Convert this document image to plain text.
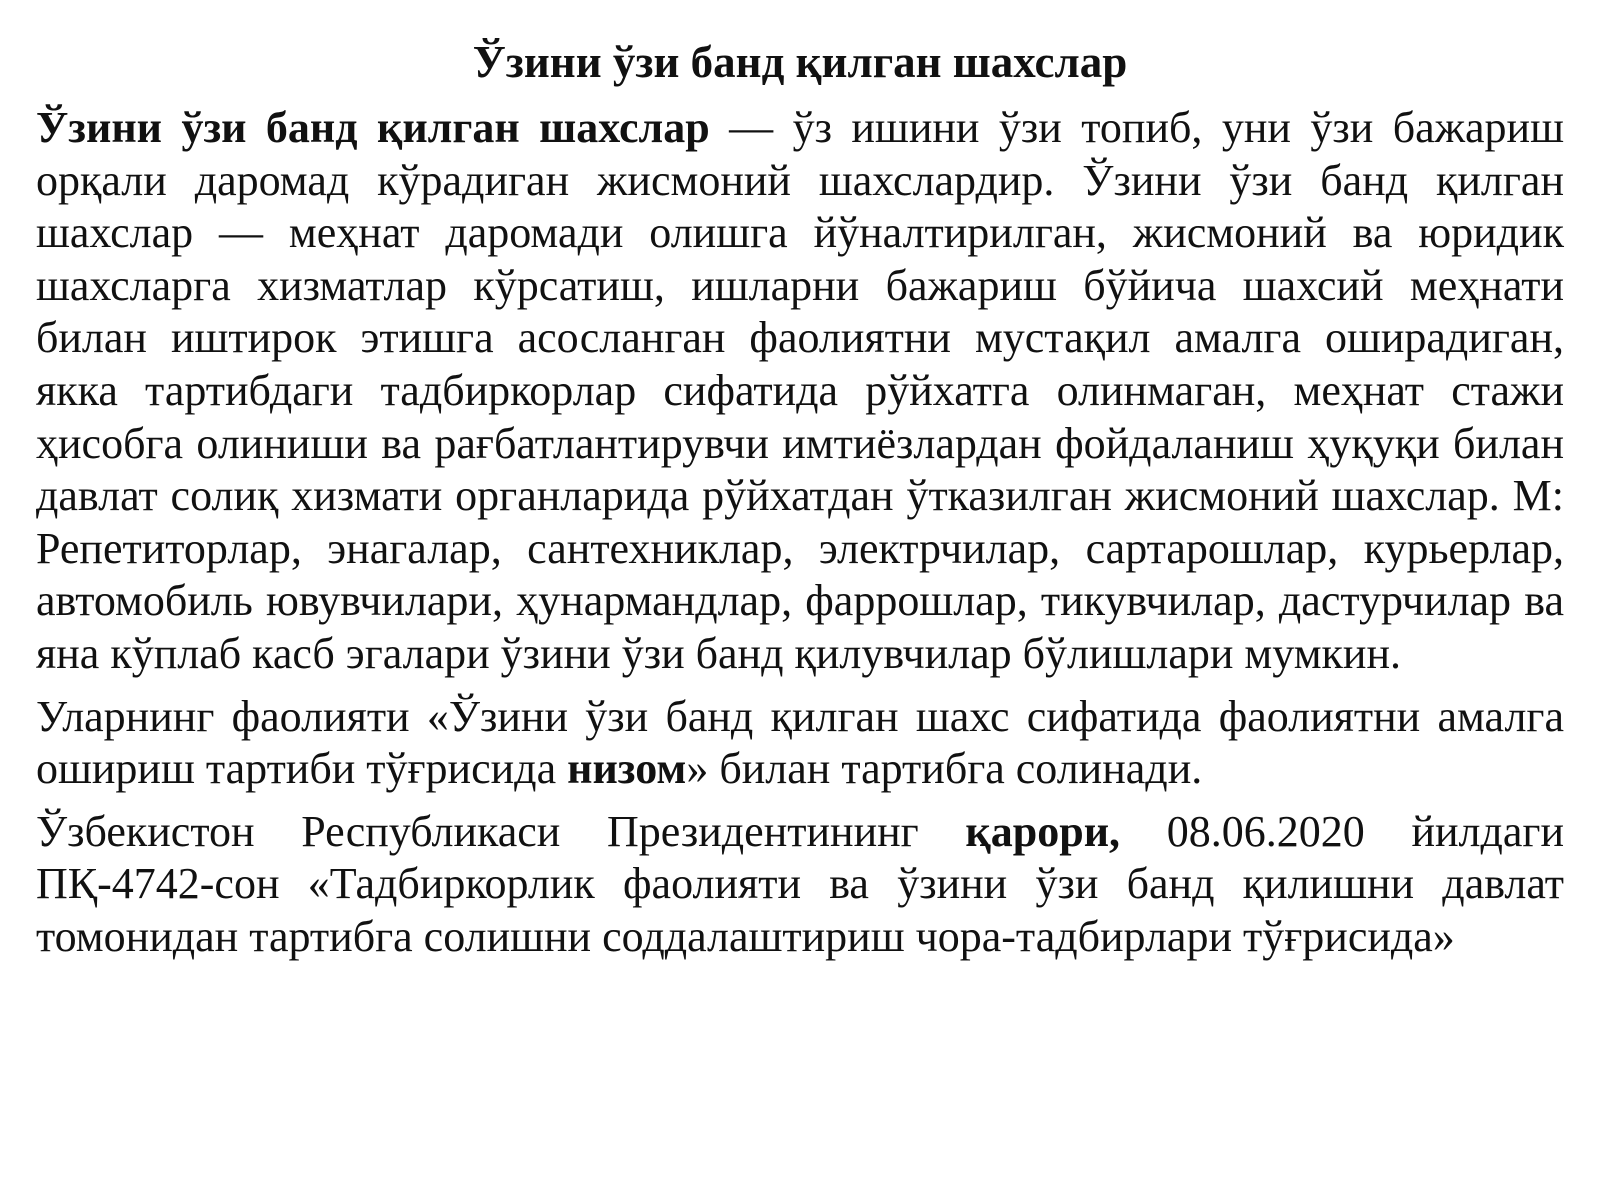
Ўзини ўзи банд қилган шахслар

Ўзини ўзи банд қилган шахслар — ўз ишини ўзи топиб, уни ўзи бажариш орқали даромад кўрадиган жисмоний шахслардир. Ўзини ўзи банд қилган шахслар — меҳнат даромади олишга йўналтирилган, жисмоний ва юридик шахсларга хизматлар кўрсатиш, ишларни бажариш бўйича шахсий меҳнати билан иштирок этишга асосланган фаолиятни мустақил амалга оширадиган, якка тартибдаги тадбиркорлар сифатида рўйхатга олинмаган, меҳнат стажи ҳисобга олиниши ва рағбатлантирувчи имтиёзлардан фойдаланиш ҳуқуқи билан давлат солиқ хизмати органларида рўйхатдан ўтказилган жисмоний шахслар. М: Репетиторлар, энагалар, сантехниклар, электрчилар, сартарошлар, курьерлар, автомобиль ювувчилари, ҳунармандлар, фаррошлар, тикувчилар, дастурчилар ва яна кўплаб касб эгалари ўзини ўзи банд қилувчилар бўлишлари мумкин.

Уларнинг фаолияти «Ўзини ўзи банд қилган шахс сифатида фаолиятни амалга ошириш тартиби тўғрисида низом» билан тартибга солинади.

Ўзбекистон Республикаси Президентининг қарори, 08.06.2020 йилдаги ПҚ-4742-сон «Тадбиркорлик фаолияти ва ўзини ўзи банд қилишни давлат томонидан тартибга солишни соддалаштириш чора-тадбирлари тўғрисида»
